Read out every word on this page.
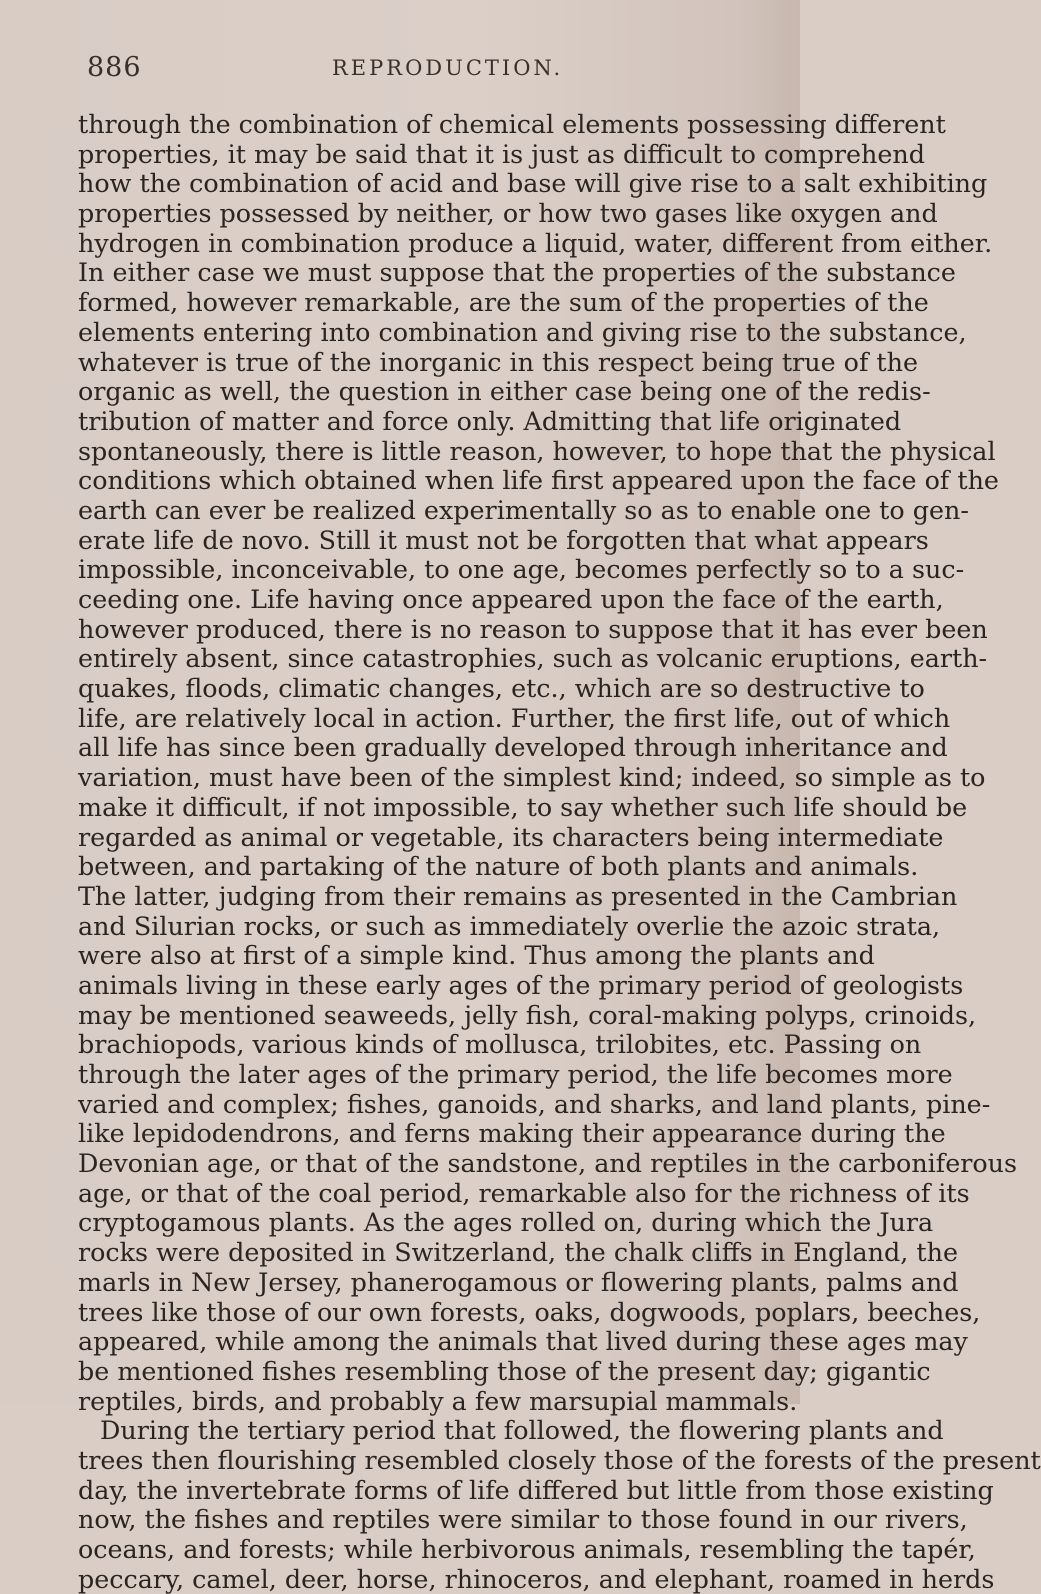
886	REPRODUCTION.
through the combination of chemical elements possessing different
properties, it may be said that it is just as difficult to comprehend
how the combination of acid and base will give rise to a salt exhibiting
properties possessed by neither, or how two gases like oxygen and
hydrogen in combination produce a liquid, water, different from either.
In either case we must suppose that the properties of the substance
formed, however remarkable, are the sum of the properties of the
elements entering into combination and giving rise to the substance,
whatever is true of the inorganic in this respect being true of the
organic as well, the question in either case being one of the redis-
tribution of matter and force only. Admitting that life originated
spontaneously, there is little reason, however, to hope that the physical
conditions which obtained when life first appeared upon the face of the
earth can ever be realized experimentally so as to enable one to gen-
erate life de novo. Still it must not be forgotten that what appears
impossible, inconceivable, to one age, becomes perfectly so to a suc-
ceeding one. Life having once appeared upon the face of the earth,
however produced, there is no reason to suppose that it has ever been
entirely absent, since catastrophies, such as volcanic eruptions, earth-
quakes, floods, climatic changes, etc., which are so destructive to
life, are relatively local in action. Further, the first life, out of which
all life has since been gradually developed through inheritance and
variation, must have been of the simplest kind; indeed, so simple as to
make it difficult, if not impossible, to say whether such life should be
regarded as animal or vegetable, its characters being intermediate
between, and partaking of the nature of both plants and animals.
The latter, judging from their remains as presented in the Cambrian
and Silurian rocks, or such as immediately overlie the azoic strata,
were also at first of a simple kind. Thus among the plants and
animals living in these early ages of the primary period of geologists
may be mentioned seaweeds, jelly fish, coral-making polyps, crinoids,
brachiopods, various kinds of mollusca, trilobites, etc. Passing on
through the later ages of the primary period, the life becomes more
varied and complex; fishes, ganoids, and sharks, and land plants, pine-
like lepidodendrons, and ferns making their appearance during the
Devonian age, or that of the sandstone, and reptiles in the carboniferous
age, or that of the coal period, remarkable also for the richness of its
cryptogamous plants. As the ages rolled on, during which the Jura
rocks were deposited in Switzerland, the chalk cliffs in England, the
marls in New Jersey, phanerogamous or flowering plants, palms and
trees like those of our own forests, oaks, dogwoods, poplars, beeches,
appeared, while among the animals that lived during these ages may
be mentioned fishes resembling those of the present day; gigantic
reptiles, birds, and probably a few marsupial mammals.
During the tertiary period that followed, the flowering plants and
trees then flourishing resembled closely those of the forests of the present
day, the invertebrate forms of life differed but little from those existing
now, the fishes and reptiles were similar to those found in our rivers,
oceans, and forests; while herbivorous animals, resembling the tapér,
peccary, camel, deer, horse, rhinoceros, and elephant, roamed in herds
